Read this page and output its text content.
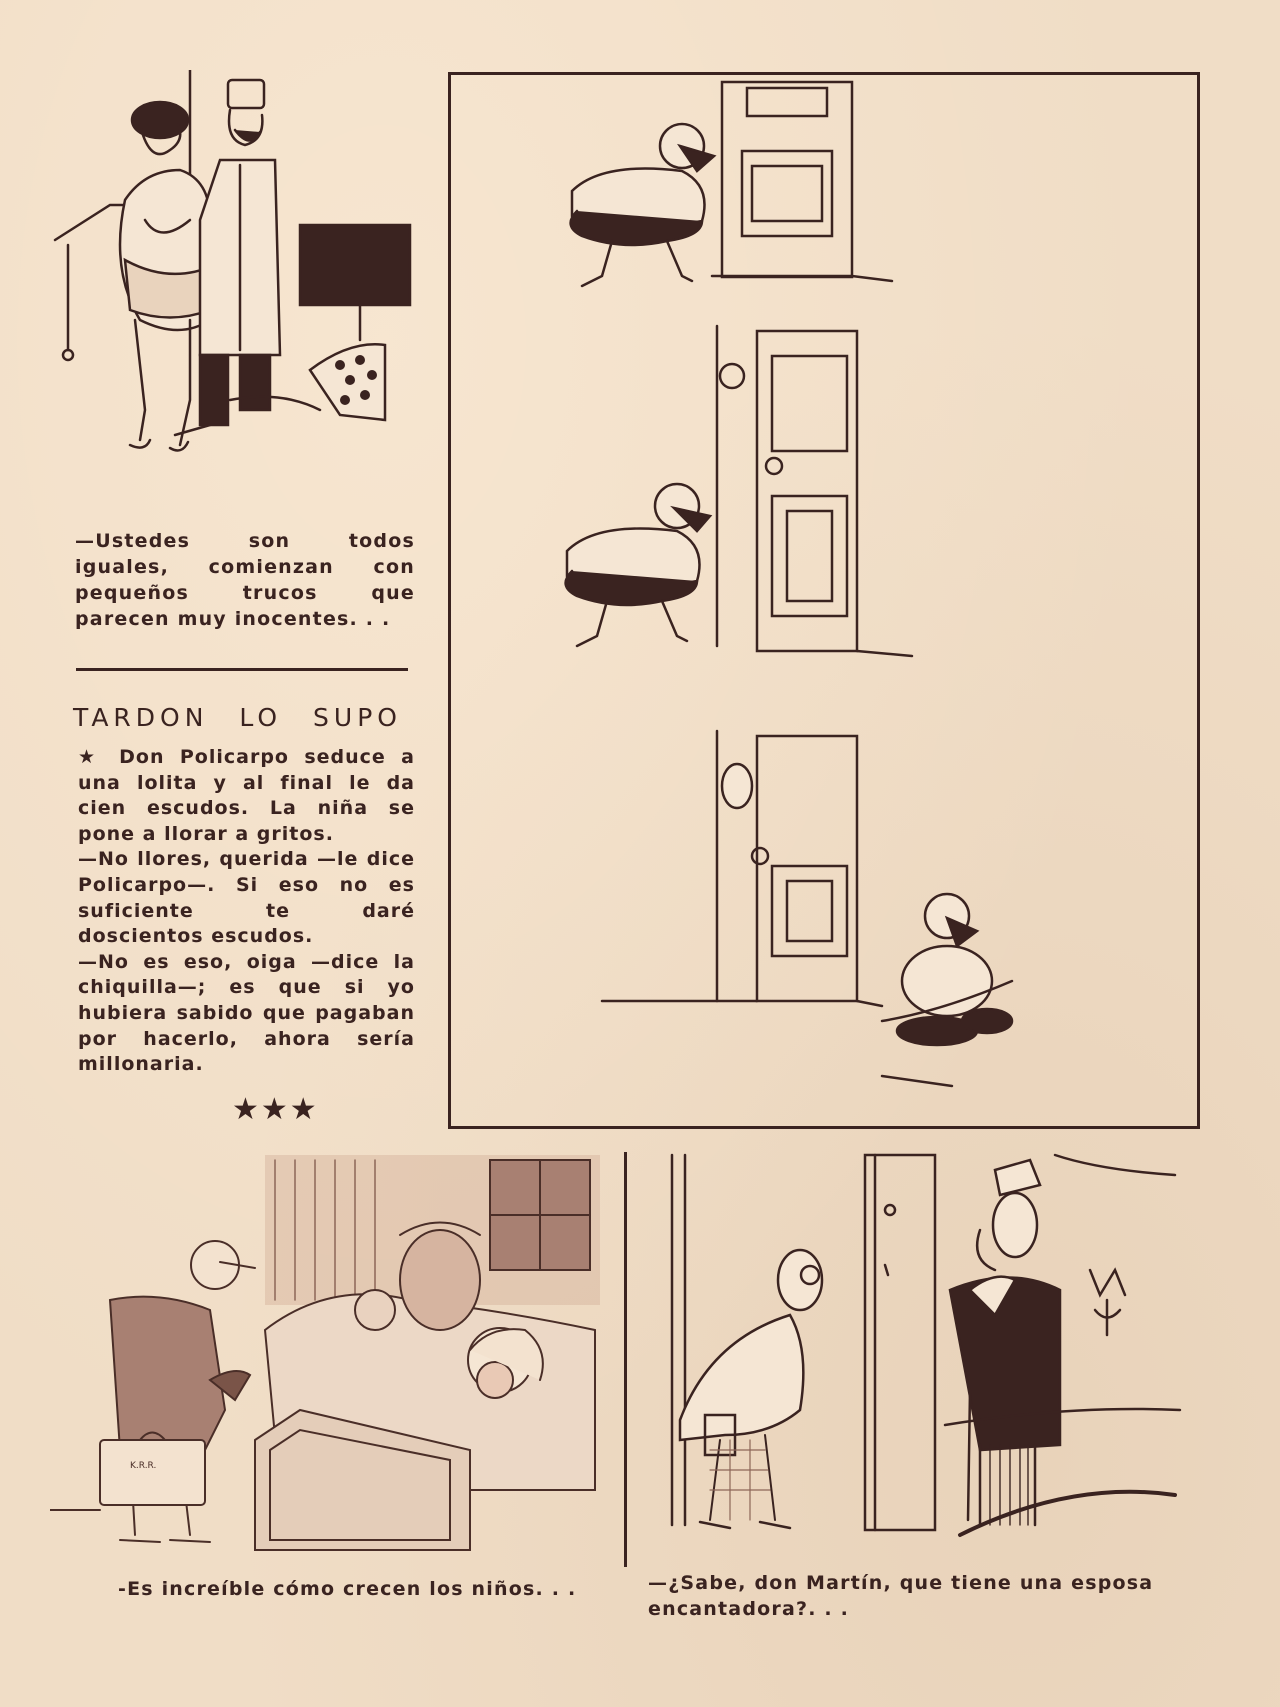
—Ustedes son todos iguales, comienzan con pequeños trucos que parecen muy inocentes. . .
TARDON LO SUPO

★ Don Policarpo seduce a una lolita y al final le da cien escudos. La niña se pone a llorar a gritos.

—No llores, querida —le dice Policarpo—. Si eso no es suficiente te daré doscientos escudos.

—No es eso, oiga —dice la chiquilla—; es que si yo hubiera sabido que pagaban por hacerlo, ahora sería millonaria.

★★★
K.R.R.
-Es increíble cómo crecen los niños. . .	—¿Sabe, don Martín, que tiene una esposa encantadora?. . .
